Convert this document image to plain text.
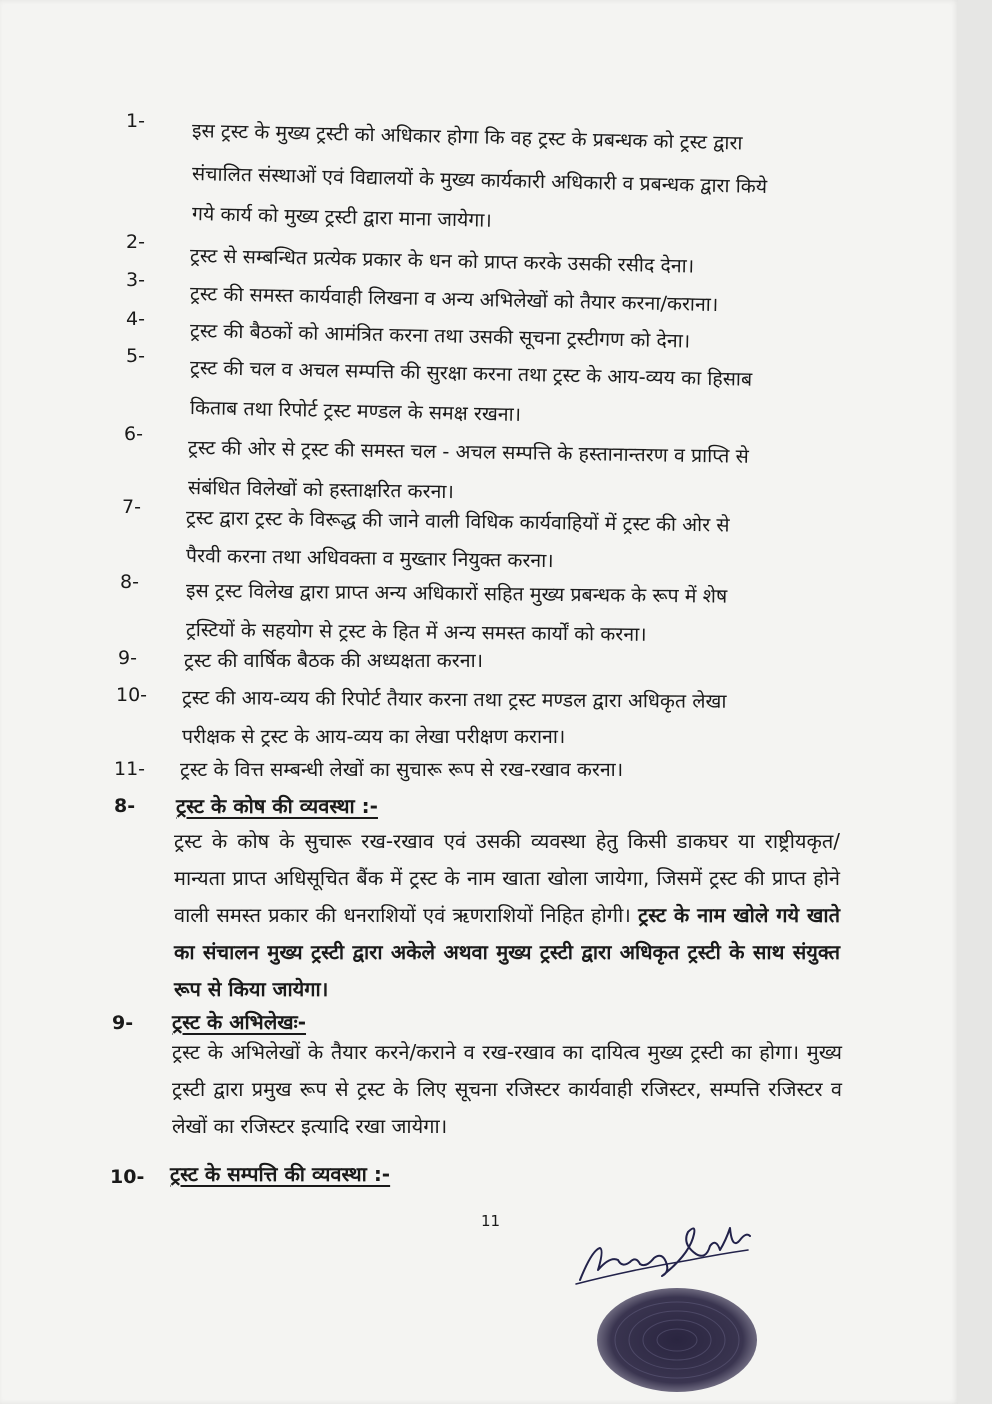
1- इस ट्रस्ट के मुख्य ट्रस्टी को अधिकार होगा कि वह ट्रस्ट के प्रबन्धक को ट्रस्ट द्वारा
संचालित संस्थाओं एवं विद्यालयों के मुख्य कार्यकारी अधिकारी व प्रबन्धक द्वारा किये
गये कार्य को मुख्य ट्रस्टी द्वारा माना जायेगा।
2-
ट्रस्ट से सम्बन्धित प्रत्येक प्रकार के धन को प्राप्त करके उसकी रसीद देना।
3-
ट्रस्ट की समस्त कार्यवाही लिखना व अन्य अभिलेखों को तैयार करना/कराना।
4-
ट्रस्ट की बैठकों को आमंत्रित करना तथा उसकी सूचना ट्रस्टीगण को देना।
5-
ट्रस्ट की चल व अचल सम्पत्ति की सुरक्षा करना तथा ट्रस्ट के आय-व्यय का हिसाब
किताब तथा रिपोर्ट ट्रस्ट मण्डल के समक्ष रखना।
6-
ट्रस्ट की ओर से ट्रस्ट की समस्त चल - अचल सम्पत्ति के हस्तानान्तरण व प्राप्ति से
संबंधित विलेखों को हस्ताक्षरित करना।
7- ट्रस्ट द्वारा ट्रस्ट के विरूद्ध की जाने वाली विधिक कार्यवाहियों में ट्रस्ट की ओर से
पैरवी करना तथा अधिवक्ता व मुख्तार नियुक्त करना।
8- इस ट्रस्ट विलेख द्वारा प्राप्त अन्य अधिकारों सहित मुख्य प्रबन्धक के रूप में शेष
ट्रस्टियों के सहयोग से ट्रस्ट के हित में अन्य समस्त कार्यों को करना।
9- ट्रस्ट की वार्षिक बैठक की अध्यक्षता करना।
10- ट्रस्ट की आय-व्यय की रिपोर्ट तैयार करना तथा ट्रस्ट मण्डल द्वारा अधिकृत लेखा
परीक्षक से ट्रस्ट के आय-व्यय का लेखा परीक्षण कराना।
11- ट्रस्ट के वित्त सम्बन्धी लेखों का सुचारू रूप से रख-रखाव करना।
8- ट्रस्ट के कोष की व्यवस्था :-
ट्रस्ट के कोष के सुचारू रख-रखाव एवं उसकी व्यवस्था हेतु किसी डाकघर या राष्ट्रीयकृत/ मान्यता प्राप्त अधिसूचित बैंक में ट्रस्ट के नाम खाता खोला जायेगा, जिसमें ट्रस्ट की प्राप्त होने वाली समस्त प्रकार की धनराशियों एवं ऋणराशियों निहित होगी। ट्रस्ट के नाम खोले गये खाते का संचालन मुख्य ट्रस्टी द्वारा अकेले अथवा मुख्य ट्रस्टी द्वारा अधिकृत ट्रस्टी के साथ संयुक्त रूप से किया जायेगा।
9- ट्रस्ट के अभिलेखः-
ट्रस्ट के अभिलेखों के तैयार करने/कराने व रख-रखाव का दायित्व मुख्य ट्रस्टी का होगा। मुख्य ट्रस्टी द्वारा प्रमुख रूप से ट्रस्ट के लिए सूचना रजिस्टर कार्यवाही रजिस्टर, सम्पत्ति रजिस्टर व लेखों का रजिस्टर इत्यादि रखा जायेगा।
10- ट्रस्ट के सम्पत्ति की व्यवस्था :-
11
